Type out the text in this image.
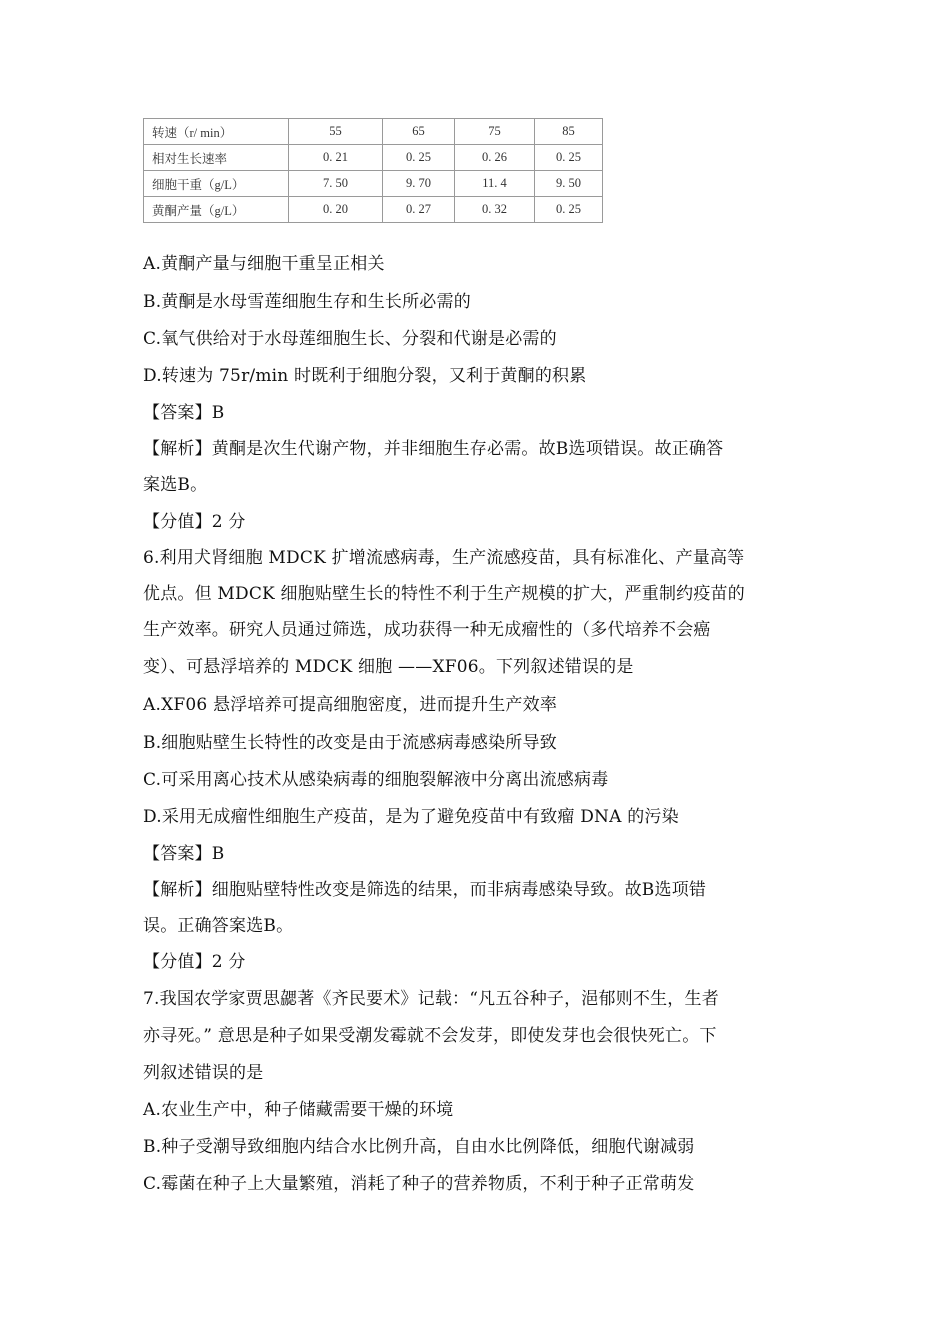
转速（r/ min）	55	65	75	85
相对生长速率	0. 21	0. 25	0. 26	0. 25
细胞干重（g/L）	7. 50	9. 70	11. 4	9. 50
黄酮产量（g/L）	0. 20	0. 27	0. 32	0. 25
A.黄酮产量与细胞干重呈正相关
B.黄酮是水母雪莲细胞生存和生长所必需的
C.氧气供给对于水母莲细胞生长、分裂和代谢是必需的
D.转速为 75r/min 时既利于细胞分裂，又利于黄酮的积累
【答案】B
【解析】黄酮是次生代谢产物，并非细胞生存必需。故B选项错误。故正确答
案选B。
【分值】2 分
6.利用犬肾细胞 MDCK 扩增流感病毒，生产流感疫苗，具有标准化、产量高等
优点。但 MDCK 细胞贴壁生长的特性不利于生产规模的扩大，严重制约疫苗的
生产效率。研究人员通过筛选，成功获得一种无成瘤性的（多代培养不会癌
变）、可悬浮培养的 MDCK 细胞 ——XF06。下列叙述错误的是
A.XF06 悬浮培养可提高细胞密度，进而提升生产效率
B.细胞贴壁生长特性的改变是由于流感病毒感染所导致
C.可采用离心技术从感染病毒的细胞裂解液中分离出流感病毒
D.采用无成瘤性细胞生产疫苗，是为了避免疫苗中有致瘤 DNA 的污染
【答案】B
【解析】细胞贴壁特性改变是筛选的结果，而非病毒感染导致。故B选项错
误。正确答案选B。
【分值】2 分
7.我国农学家贾思勰著《齐民要术》记载：“凡五谷种子，浥郁则不生，生者
亦寻死。” 意思是种子如果受潮发霉就不会发芽，即使发芽也会很快死亡。下
列叙述错误的是
A.农业生产中，种子储藏需要干燥的环境
B.种子受潮导致细胞内结合水比例升高，自由水比例降低，细胞代谢减弱
C.霉菌在种子上大量繁殖，消耗了种子的营养物质，不利于种子正常萌发
